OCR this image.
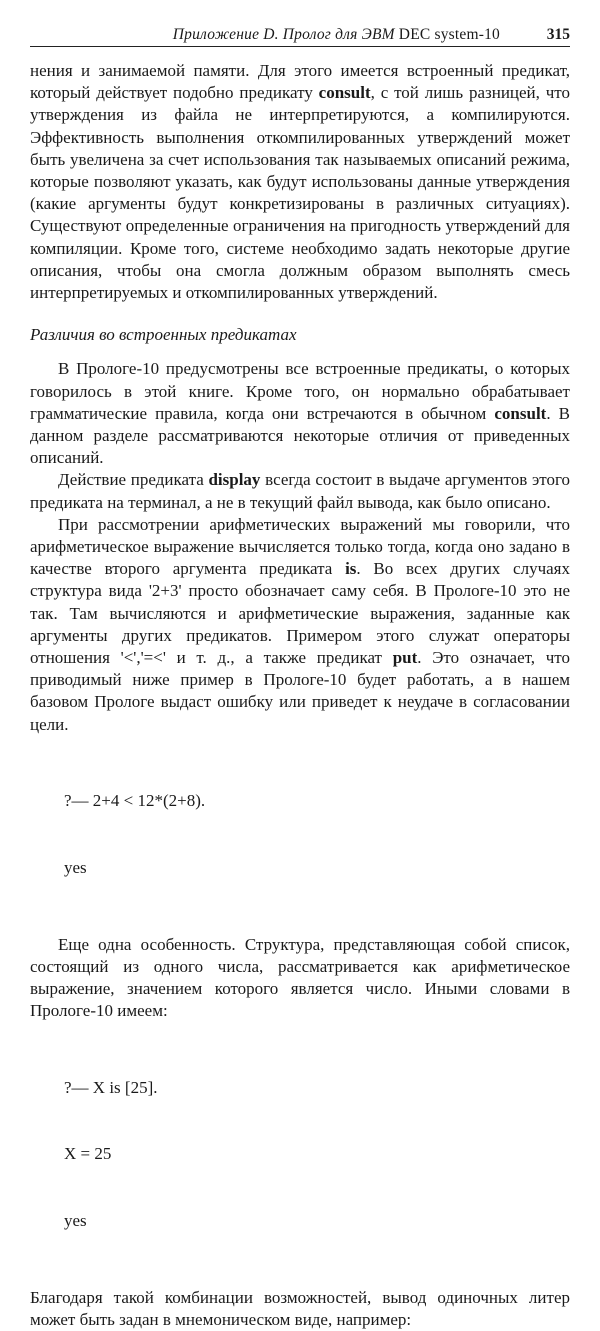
Приложение D. Пролог для ЭВМ DEC system-10	315

нения и занимаемой памяти. Для этого имеется встроенный предикат, который действует подобно предикату consult, с той лишь разницей, что утверждения из файла не интерпретируются, а компилируются. Эффективность выполнения откомпилированных утверждений может быть увеличена за счет использования так называемых описаний режима, которые позволяют указать, как будут использованы данные утверждения (какие аргументы будут конкретизированы в различных ситуациях). Существуют определенные ограничения на пригодность утверждений для компиляции. Кроме того, системе необходимо задать некоторые другие описания, чтобы она смогла должным образом выполнять смесь интерпретируемых и откомпилированных утверждений.

Различия во встроенных предикатах

В Прологе-10 предусмотрены все встроенные предикаты, о которых говорилось в этой книге. Кроме того, он нормально обрабатывает грамматические правила, когда они встречаются в обычном consult. В данном разделе рассматриваются некоторые отличия от приведенных описаний.

Действие предиката display всегда состоит в выдаче аргументов этого предиката на терминал, а не в текущий файл вывода, как было описано.

При рассмотрении арифметических выражений мы говорили, что арифметическое выражение вычисляется только тогда, когда оно задано в качестве второго аргумента предиката is. Во всех других случаях структура вида '2+3' просто обозначает саму себя. В Прологе-10 это не так. Там вычисляются и арифметические выражения, заданные как аргументы других предикатов. Примером этого служат операторы отношения '<','=<' и т. д., а также предикат put. Это означает, что приводимый ниже пример в Прологе-10 будет работать, а в нашем базовом Прологе выдаст ошибку или приведет к неудаче в согласовании цели.

?— 2+4 < 12*(2+8).

yes

Еще одна особенность. Структура, представляющая собой список, состоящий из одного числа, рассматривается как арифметическое выражение, значением которого является число. Иными словами в Прологе-10 имеем:

?— X is [25].

X = 25

yes

Благодаря такой комбинации возможностей, вывод одиночных литер может быть задан в мнемоническом виде, например:
